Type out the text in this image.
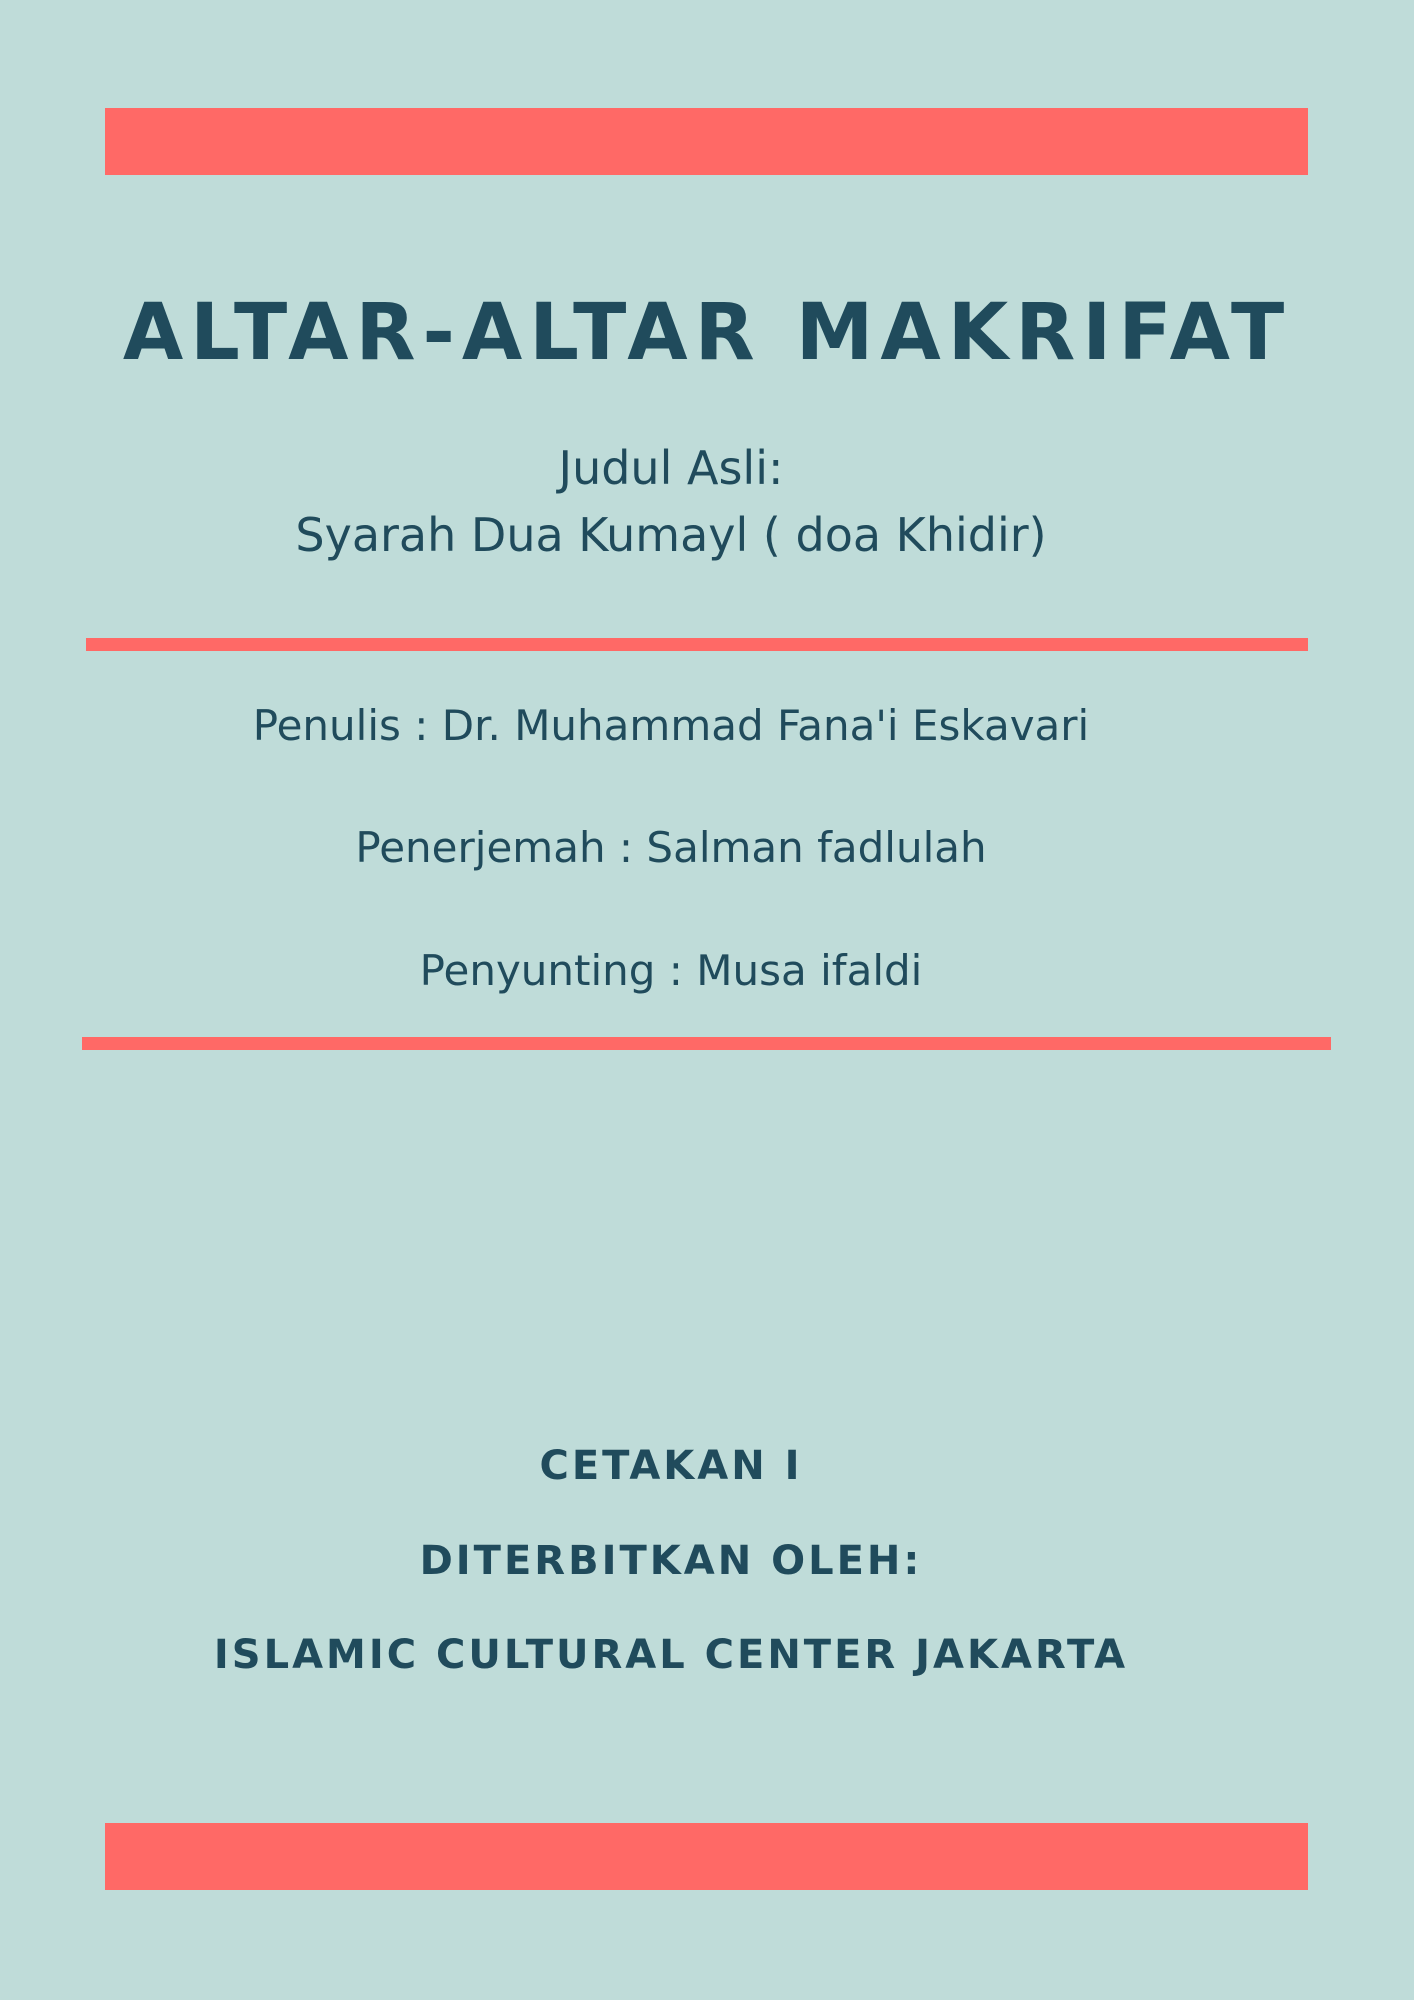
ALTAR-ALTAR MAKRIFAT
Judul Asli:
Syarah Dua Kumayl ( doa Khidir)
Penulis : Dr. Muhammad Fana'i Eskavari
Penerjemah : Salman fadlulah
Penyunting : Musa ifaldi
CETAKAN I
DITERBITKAN OLEH:
ISLAMIC CULTURAL CENTER JAKARTA
